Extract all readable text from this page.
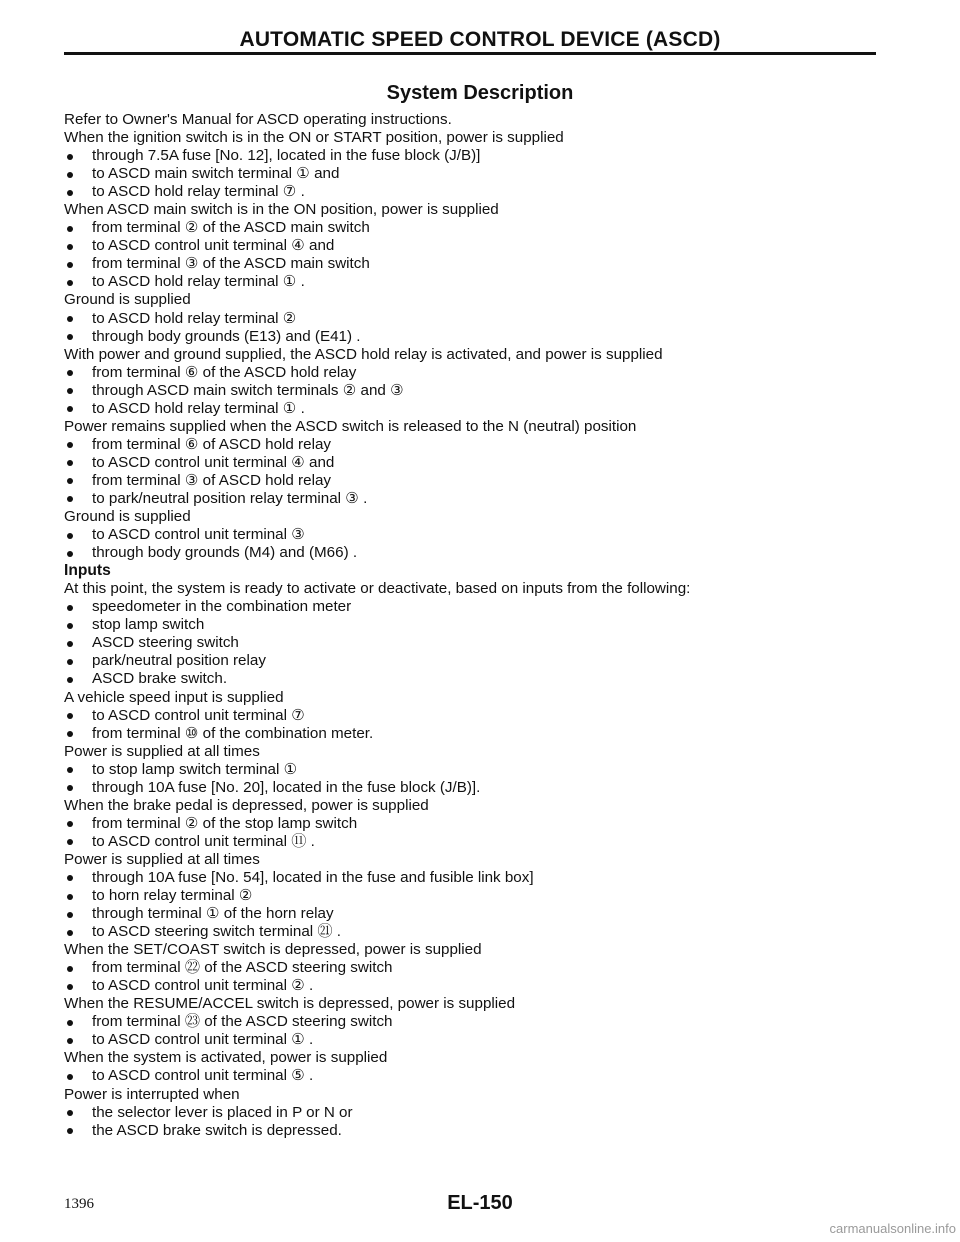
AUTOMATIC SPEED CONTROL DEVICE (ASCD)
System Description
Refer to Owner's Manual for ASCD operating instructions.
When the ignition switch is in the ON or START position, power is supplied
through 7.5A fuse [No. 12], located in the fuse block (J/B)]
to ASCD main switch terminal ① and
to ASCD hold relay terminal ⑦ .
When ASCD main switch is in the ON position, power is supplied
from terminal ② of the ASCD main switch
to ASCD control unit terminal ④ and
from terminal ③ of the ASCD main switch
to ASCD hold relay terminal ① .
Ground is supplied
to ASCD hold relay terminal ②
through body grounds (E13) and (E41) .
With power and ground supplied, the ASCD hold relay is activated, and power is supplied
from terminal ⑥ of the ASCD hold relay
through ASCD main switch terminals ② and ③
to ASCD hold relay terminal ① .
Power remains supplied when the ASCD switch is released to the N (neutral) position
from terminal ⑥ of ASCD hold relay
to ASCD control unit terminal ④ and
from terminal ③ of ASCD hold relay
to park/neutral position relay terminal ③ .
Ground is supplied
to ASCD control unit terminal ③
through body grounds (M4) and (M66) .
Inputs
At this point, the system is ready to activate or deactivate, based on inputs from the following:
speedometer in the combination meter
stop lamp switch
ASCD steering switch
park/neutral position relay
ASCD brake switch.
A vehicle speed input is supplied
to ASCD control unit terminal ⑦
from terminal ⑩ of the combination meter.
Power is supplied at all times
to stop lamp switch terminal ①
through 10A fuse [No. 20], located in the fuse block (J/B)].
When the brake pedal is depressed, power is supplied
from terminal ② of the stop lamp switch
to ASCD control unit terminal ⑪ .
Power is supplied at all times
through 10A fuse [No. 54], located in the fuse and fusible link box]
to horn relay terminal ②
through terminal ① of the horn relay
to ASCD steering switch terminal ㉑ .
When the SET/COAST switch is depressed, power is supplied
from terminal ㉒ of the ASCD steering switch
to ASCD control unit terminal ② .
When the RESUME/ACCEL switch is depressed, power is supplied
from terminal ㉓ of the ASCD steering switch
to ASCD control unit terminal ① .
When the system is activated, power is supplied
to ASCD control unit terminal ⑤ .
Power is interrupted when
the selector lever is placed in P or N or
the ASCD brake switch is depressed.
1396	EL-150
carmanualsonline.info
